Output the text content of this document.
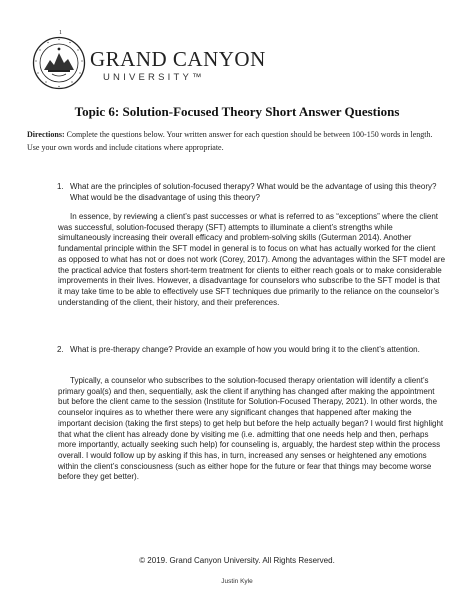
1
GRAND CANYON
UNIVERSITY™
Topic 6: Solution-Focused Theory Short Answer Questions
Directions: Complete the questions below. Your written answer for each question should be between 100-150 words in length. Use your own words and include citations where appropriate.
1. What are the principles of solution-focused therapy? What would be the advantage of using this theory? What would be the disadvantage of using this theory?
In essence, by reviewing a client’s past successes or what is referred to as “exceptions” where the client was successful, solution-focused therapy (SFT) attempts to illuminate a client’s strengths while simultaneously increasing their overall efficacy and problem-solving skills (Guterman 2014). Another fundamental principle within the SFT model in general is to focus on what has actually worked for the client as opposed to what has not or does not work (Corey, 2017). Among the advantages within the SFT model are the practical advice that fosters short-term treatment for clients to either reach goals or to make considerable improvements in their lives. However, a disadvantage for counselors who subscribe to the SFT model is that it may take time to be able to effectively use SFT techniques due primarily to the reliance on the counselor’s understanding of the client, their history, and their preferences.
2. What is pre-therapy change? Provide an example of how you would bring it to the client’s attention.
Typically, a counselor who subscribes to the solution-focused therapy orientation will identify a client’s primary goal(s) and then, sequentially, ask the client if anything has changed after making the appointment but before the client came to the session (Institute for Solution-Focused Therapy, 2021). In other words, the counselor inquires as to whether there were any significant changes that happened after making the important decision (taking the first steps) to get help but before the help actually began? I would first highlight that what the client has already done by visiting me (i.e. admitting that one needs help and then, perhaps more importantly, actually seeking such help) for counseling is, arguably, the hardest step within the process overall. I would follow up by asking if this has, in turn, increased any senses or heightened any emotions within the client’s consciousness (such as either hope for the future or fear that things may become worse before they get better).
© 2019. Grand Canyon University. All Rights Reserved.
Justin Kyle
